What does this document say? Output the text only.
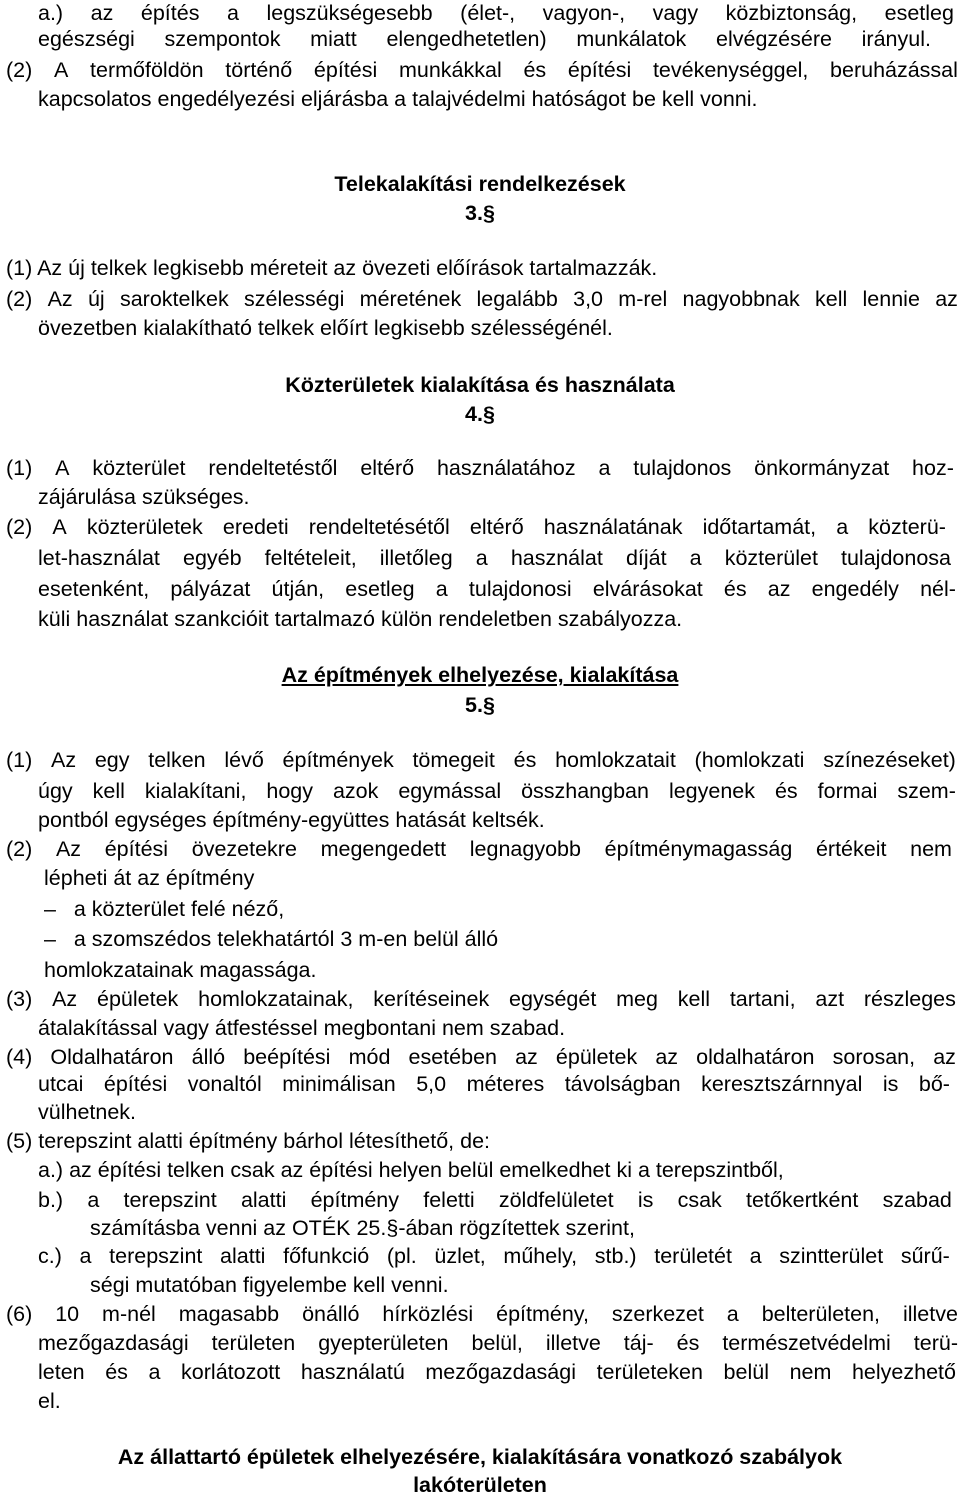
a.) az építés a legszükségesebb (élet-, vagyon-, vagy közbiztonság, esetleg
egészségi szempontok miatt elengedhetetlen) munkálatok elvégzésére irányul.
(2) A termőföldön történő építési munkákkal és építési tevékenységgel, beruházással
kapcsolatos engedélyezési eljárásba a talajvédelmi hatóságot be kell vonni.
Telekalakítási rendelkezések
3.§
(1) Az új telkek legkisebb méreteit az övezeti előírások tartalmazzák.
(2) Az új saroktelkek szélességi méretének legalább 3,0 m-rel nagyobbnak kell lennie az
övezetben kialakítható telkek előírt legkisebb szélességénél.
Közterületek kialakítása és használata
4.§
(1) A közterület rendeltetéstől eltérő használatához a tulajdonos önkormányzat hoz-
zájárulása szükséges.
(2) A közterületek eredeti rendeltetésétől eltérő használatának időtartamát, a közterü-
let-használat egyéb feltételeit, illetőleg a használat díját a közterület tulajdonosa
esetenként, pályázat útján, esetleg a tulajdonosi elvárásokat és az engedély nél-
küli használat szankcióit tartalmazó külön rendeletben szabályozza.
Az építmények elhelyezése, kialakítása
5.§
(1) Az egy telken lévő építmények tömegeit és homlokzatait (homlokzati színezéseket)
úgy kell kialakítani, hogy azok egymással összhangban legyenek és formai szem-
pontból egységes építmény-együttes hatását keltsék.
(2) Az építési övezetekre megengedett legnagyobb építménymagasság értékeit nem
lépheti át az építmény
–   a közterület felé néző,
–   a szomszédos telekhatártól 3 m-en belül álló
homlokzatainak magassága.
(3) Az épületek homlokzatainak, kerítéseinek egységét meg kell tartani, azt részleges
átalakítással vagy átfestéssel megbontani nem szabad.
(4) Oldalhatáron álló beépítési mód esetében az épületek az oldalhatáron sorosan, az
utcai építési vonaltól minimálisan 5,0 méteres távolságban keresztszárnnyal is bő-
vülhetnek.
(5) terepszint alatti építmény bárhol létesíthető, de:
a.) az építési telken csak az építési helyen belül emelkedhet ki a terepszintből,
b.) a terepszint alatti építmény feletti zöldfelületet is csak tetőkertként szabad
számításba venni az OTÉK 25.§-ában rögzítettek szerint,
c.) a terepszint alatti főfunkció (pl. üzlet, műhely, stb.) területét a szintterület sűrű-
ségi mutatóban figyelembe kell venni.
(6) 10 m-nél magasabb önálló hírközlési építmény, szerkezet a belterületen, illetve
mezőgazdasági területen gyepterületen belül, illetve táj- és természetvédelmi terü-
leten és a korlátozott használatú mezőgazdasági területeken belül nem helyezhető
el.
Az állattartó épületek elhelyezésére, kialakítására vonatkozó szabályok
lakóterületen
